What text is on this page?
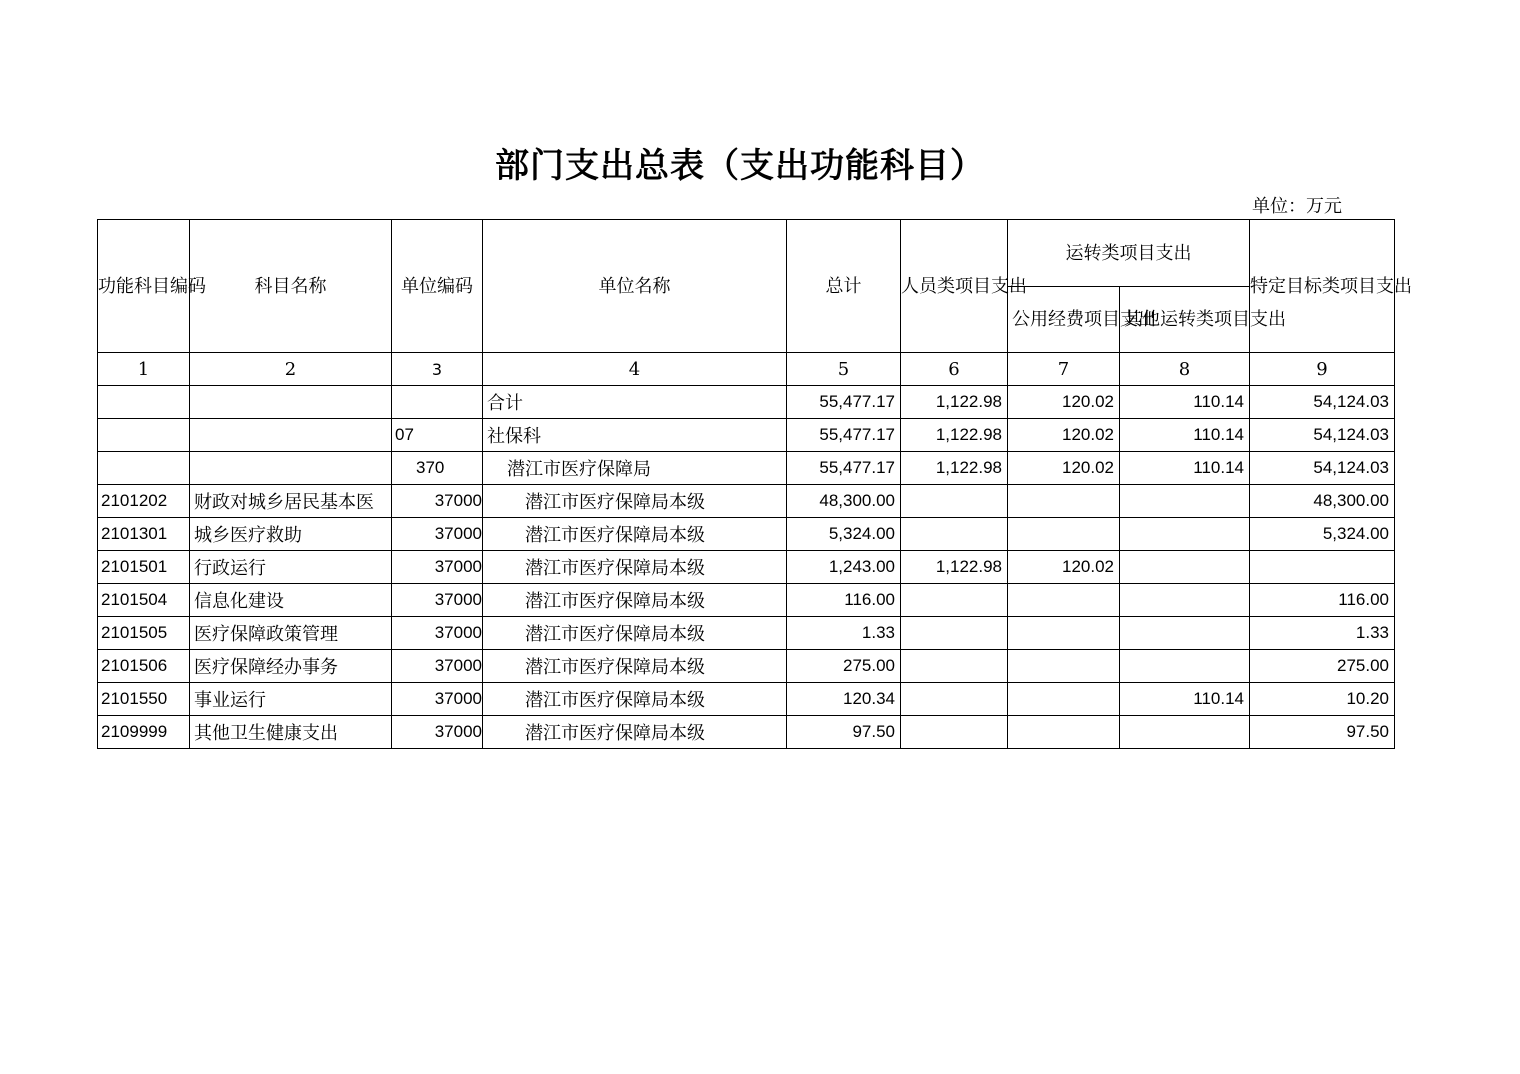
部门支出总表（支出功能科目）
单位：万元
功能科目编码	科目名称	单位编码	单位名称	总计	人员类项目支出	运转类项目支出		特定目标类项目支出
						公用经费项目支出	其他运转类项目支出	
1	2	3	4	5	6	7	8	9
			合计	55,477.17	1,122.98	120.02	110.14	54,124.03
		07	社保科	55,477.17	1,122.98	120.02	110.14	54,124.03
		370	潜江市医疗保障局	55,477.17	1,122.98	120.02	110.14	54,124.03
2101202	财政对城乡居民基本医	37000	潜江市医疗保障局本级	48,300.00				48,300.00
2101301	城乡医疗救助	37000	潜江市医疗保障局本级	5,324.00				5,324.00
2101501	行政运行	37000	潜江市医疗保障局本级	1,243.00	1,122.98	120.02		
2101504	信息化建设	37000	潜江市医疗保障局本级	116.00				116.00
2101505	医疗保障政策管理	37000	潜江市医疗保障局本级	1.33				1.33
2101506	医疗保障经办事务	37000	潜江市医疗保障局本级	275.00				275.00
2101550	事业运行	37000	潜江市医疗保障局本级	120.34			110.14	10.20
2109999	其他卫生健康支出	37000	潜江市医疗保障局本级	97.50				97.50
